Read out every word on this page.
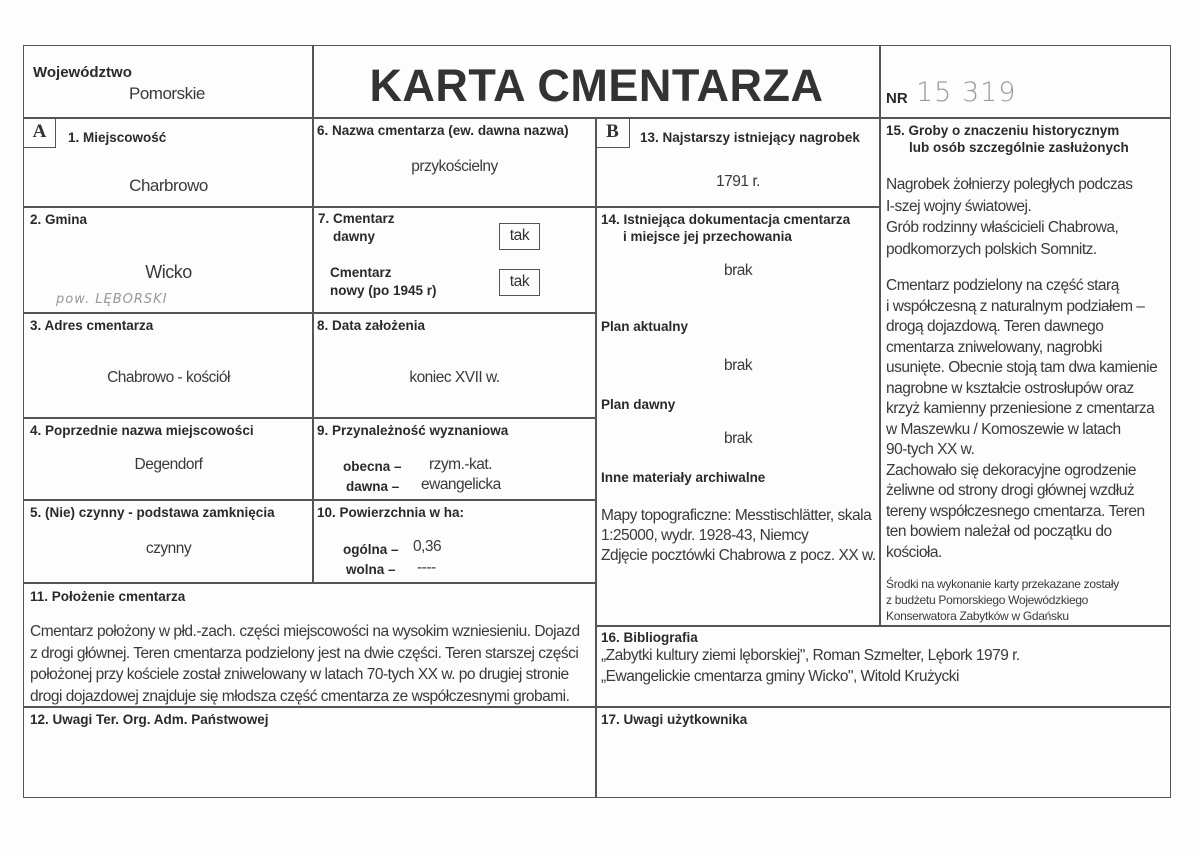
Województwo
Pomorskie	KARTA CMENTARZA	NR 15 319
A	1. Miejscowość
Charbrowo
2. Gmina
Wicko
pow. LĘBORSKI
3. Adres cmentarza
Chabrowo - kościół
4. Poprzednie nazwa miejscowości
Degendorf
5. (Nie) czynny - podstawa zamknięcia
czynny
6. Nazwa cmentarza (ew. dawna nazwa)
przykościelny
7. Cmentarz
dawny	tak
Cmentarz
nowy (po 1945 r)
tak
8. Data założenia
koniec XVII w.
9. Przynależność wyznaniowa
obecna – rzym.-kat.
dawna – ewangelicka
10. Powierzchnia w ha:
ogólna – 0,36
wolna – ----
11. Położenie cmentarza
Cmentarz położony w płd.-zach. części miejscowości na wysokim wzniesieniu. Dojazd
z drogi głównej. Teren cmentarza podzielony jest na dwie części. Teren starszej części
położonej przy kościele został zniwelowany w latach 70-tych XX w. po drugiej stronie
drogi dojazdowej znajduje się młodsza część cmentarza ze współczesnymi grobami.
12. Uwagi Ter. Org. Adm. Państwowej
B	13. Najstarszy istniejący nagrobek
1791 r.
14. Istniejąca dokumentacja cmentarza
i miejsce jej przechowania
brak
Plan aktualny
brak
Plan dawny
brak
Inne materiały archiwalne
Mapy topograficzne: Messtischlätter, skala
1:25000, wydr. 1928-43, Niemcy
Zdjęcie pocztówki Chabrowa z pocz. XX w.
15. Groby o znaczeniu historycznym
lub osób szczególnie zasłużonych
Nagrobek żołnierzy poległych podczas
I-szej wojny światowej.
Grób rodzinny właścicieli Chabrowa,
podkomorzych polskich Somnitz.
Cmentarz podzielony na część starą
i współczesną z naturalnym podziałem –
drogą dojazdową. Teren dawnego
cmentarza zniwelowany, nagrobki
usunięte. Obecnie stoją tam dwa kamienie
nagrobne w kształcie ostrosłupów oraz
krzyż kamienny przeniesione z cmentarza
w Maszewku / Komoszewie w latach
90-tych XX w.
Zachowało się dekoracyjne ogrodzenie
żeliwne od strony drogi głównej wzdłuż
tereny współczesnego cmentarza. Teren
ten bowiem należał od początku do
kościoła.
Środki na wykonanie karty przekazane zostały
z budżetu Pomorskiego Wojewódzkiego
Konserwatora Zabytków w Gdańsku
16. Bibliografia
„Zabytki kultury ziemi lęborskiej", Roman Szmelter, Lębork 1979 r.
„Ewangelickie cmentarza gminy Wicko", Witold Krużycki
17. Uwagi użytkownika
